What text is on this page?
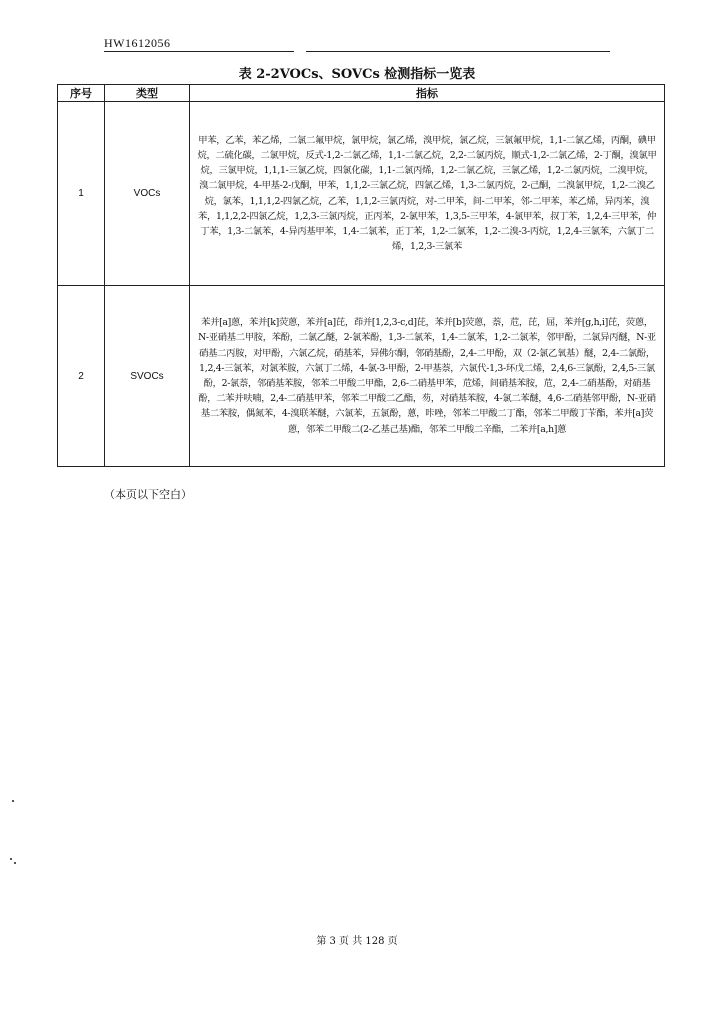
HW1612056
表 2-2VOCs、SOVCs 检测指标一览表
序号	类型	指标
1	VOCs	甲苯，乙苯，苯乙烯，二氯二氟甲烷，氯甲烷，氯乙烯，溴甲烷，氯乙烷，三氯氟甲烷，1,1-二氯乙烯，丙酮，碘甲烷，二硫化碳，二氯甲烷，反式-1,2-二氯乙烯，1,1-二氯乙烷，2,2-二氯丙烷，顺式-1,2-二氯乙烯，2-丁酮，溴氯甲烷，三氯甲烷，1,1,1-三氯乙烷，四氯化碳，1,1-二氯丙烯，1,2-二氯乙烷，三氯乙烯，1,2-二氯丙烷，二溴甲烷，溴二氯甲烷，4-甲基-2-戊酮，甲苯，1,1,2-三氯乙烷，四氯乙烯，1,3-二氯丙烷，2-己酮，二溴氯甲烷，1,2-二溴乙烷，氯苯，1,1,1,2-四氯乙烷，乙苯，1,1,2-三氯丙烷，对-二甲苯，间-二甲苯，邻-二甲苯，苯乙烯，异丙苯，溴苯，1,1,2,2-四氯乙烷，1,2,3-三氯丙烷，正丙苯，2-氯甲苯，1,3,5-三甲苯，4-氯甲苯，叔丁苯，1,2,4-三甲苯，仲丁苯，1,3-二氯苯，4-异丙基甲苯，1,4-二氯苯，正丁苯，1,2-二氯苯，1,2-二溴-3-丙烷，1,2,4-三氯苯，六氯丁二烯，1,2,3-三氯苯
2	SVOCs	苯并[a]蒽，苯并[k]荧蒽，苯并[a]芘，茚并[1,2,3-c,d]芘，苯并[b]荧蒽，萘，苊，芘，屈，苯并[g,h,i]芘，荧蒽，N-亚硝基二甲胺，苯酚，二氯乙醚，2-氯苯酚，1,3-二氯苯，1,4-二氯苯，1,2-二氯苯，邻甲酚，二氯异丙醚，N-亚硝基二丙胺，对甲酚，六氯乙烷，硝基苯，异佛尔酮，邻硝基酚，2,4-二甲酚，双（2-氯乙氧基）醚，2,4-二氯酚，1,2,4-三氯苯，对氯苯胺，六氯丁二烯，4-氯-3-甲酚，2-甲基萘，六氯代-1,3-环戊二烯，2,4,6-三氯酚，2,4,5-三氯酚，2-氯萘，邻硝基苯胺，邻苯二甲酸二甲酯，2,6-二硝基甲苯，苊烯，间硝基苯胺，苊，2,4-二硝基酚，对硝基酚，二苯并呋喃，2,4-二硝基甲苯，邻苯二甲酸二乙酯，芴，对硝基苯胺，4-氯二苯醚，4,6-二硝基邻甲酚，N-亚硝基二苯胺，偶氮苯，4-溴联苯醚，六氯苯，五氯酚，蒽，咔唑，邻苯二甲酸二丁酯，邻苯二甲酸丁苄酯，苯并[a]荧蒽，邻苯二甲酸二(2-乙基己基)酯，邻苯二甲酸二辛酯，二苯并[a,h]蒽
（本页以下空白）
第 3 页 共 128 页
